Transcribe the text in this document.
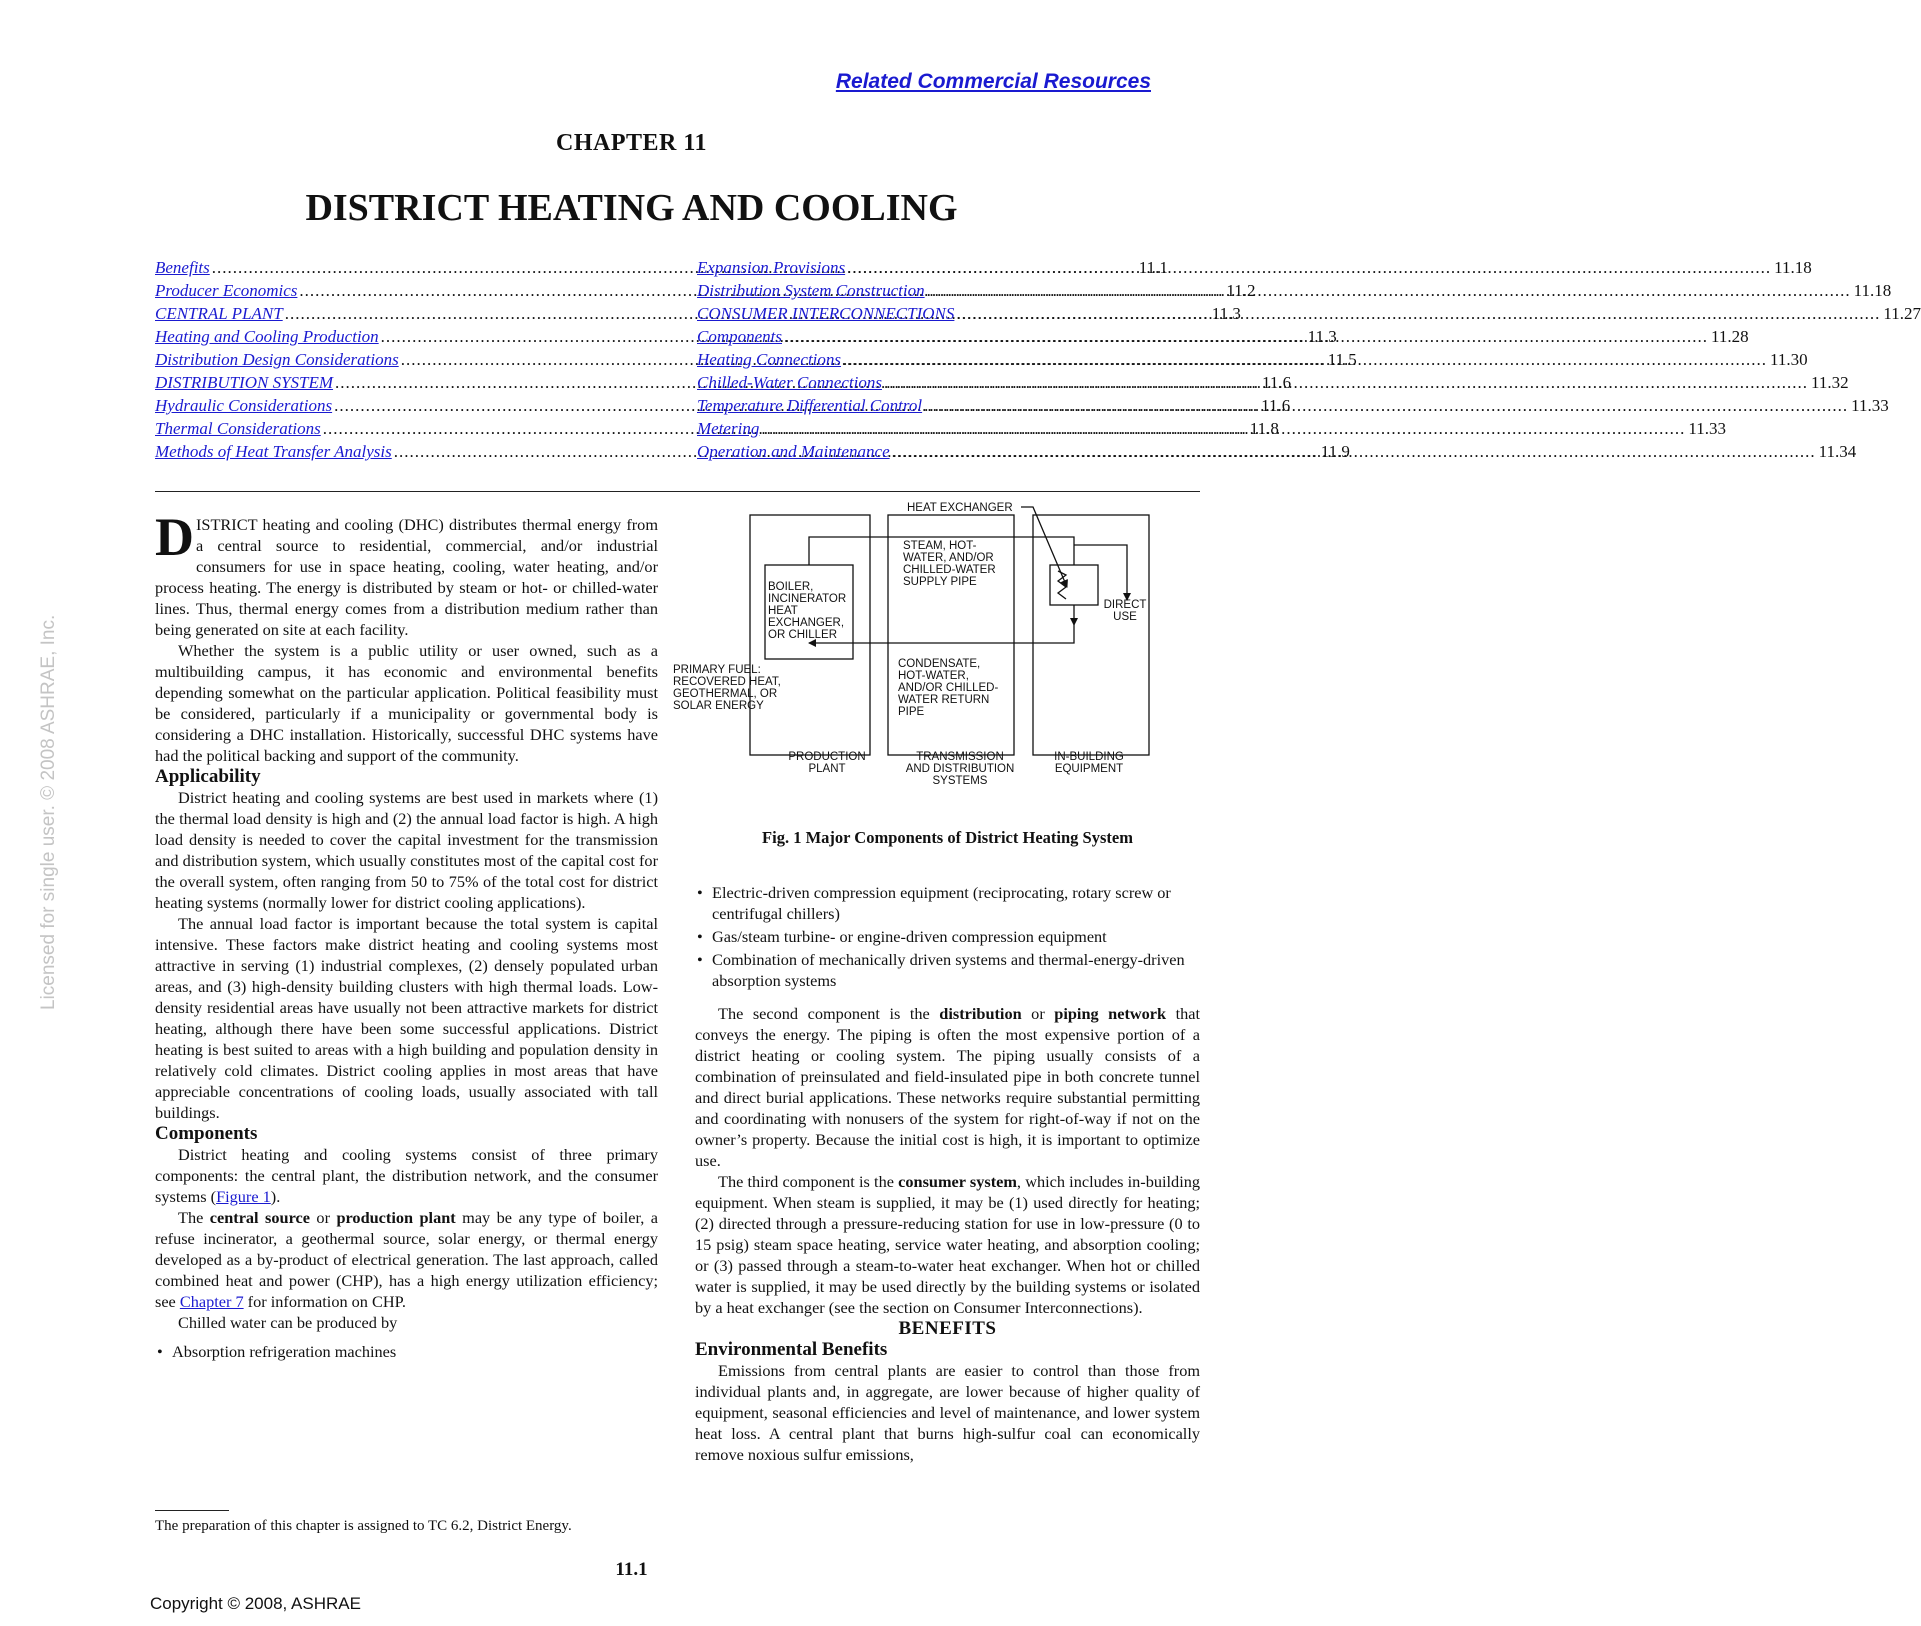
Related Commercial Resources
CHAPTER 11
DISTRICT HEATING AND COOLING
Benefits .....	11.1
Producer Economics .....	11.2
CENTRAL PLANT .....	11.3
Heating and Cooling Production .....	11.3
Distribution Design Considerations .....	11.5
DISTRIBUTION SYSTEM .....	11.6
Hydraulic Considerations .....	11.6
Thermal Considerations .....	11.8
Methods of Heat Transfer Analysis .....	11.9
Expansion Provisions .....	11.18
Distribution System Construction .....	11.18
CONSUMER INTERCONNECTIONS .....	11.27
Components .....	11.28
Heating Connections .....	11.30
Chilled-Water Connections .....	11.32
Temperature Differential Control .....	11.33
Metering .....	11.33
Operation and Maintenance .....	11.34
Licensed for single user. © 2008 ASHRAE, Inc.

DISTRICT heating and cooling (DHC) distributes thermal energy from a central source to residential, commercial, and/or industrial consumers for use in space heating, cooling, water heating, and/or process heating. The energy is distributed by steam or hot- or chilled-water lines. Thus, thermal energy comes from a distribution medium rather than being generated on site at each facility.

Whether the system is a public utility or user owned, such as a multibuilding campus, it has economic and environmental benefits depending somewhat on the particular application. Political feasibility must be considered, particularly if a municipality or governmental body is considering a DHC installation. Historically, successful DHC systems have had the political backing and support of the community.

Applicability

District heating and cooling systems are best used in markets where (1) the thermal load density is high and (2) the annual load factor is high. A high load density is needed to cover the capital investment for the transmission and distribution system, which usually constitutes most of the capital cost for the overall system, often ranging from 50 to 75% of the total cost for district heating systems (normally lower for district cooling applications).

The annual load factor is important because the total system is capital intensive. These factors make district heating and cooling systems most attractive in serving (1) industrial complexes, (2) densely populated urban areas, and (3) high-density building clusters with high thermal loads. Low-density residential areas have usually not been attractive markets for district heating, although there have been some successful applications. District heating is best suited to areas with a high building and population density in relatively cold climates. District cooling applies in most areas that have appreciable concentrations of cooling loads, usually associated with tall buildings.

Components

District heating and cooling systems consist of three primary components: the central plant, the distribution network, and the consumer systems (Figure 1).

The central source or production plant may be any type of boiler, a refuse incinerator, a geothermal source, solar energy, or thermal energy developed as a by-product of electrical generation. The last approach, called combined heat and power (CHP), has a high energy utilization efficiency; see Chapter 7 for information on CHP.

Chilled water can be produced by

• Absorption refrigeration machines

HEAT EXCHANGER
STEAM, HOT-
WATER, AND/OR
CHILLED-WATER
SUPPLY PIPE
BOILER,
INCINERATOR
HEAT
EXCHANGER,
OR CHILLER
DIRECT
USE
PRIMARY FUEL:
RECOVERED HEAT,
GEOTHERMAL, OR
SOLAR ENERGY
CONDENSATE,
HOT-WATER,
AND/OR CHILLED-
WATER RETURN
PIPE
PRODUCTION
PLANT
TRANSMISSION
AND DISTRIBUTION
SYSTEMS
IN-BUILDING
EQUIPMENT
Fig. 1 Major Components of District Heating System

• Electric-driven compression equipment (reciprocating, rotary screw or centrifugal chillers)

• Gas/steam turbine- or engine-driven compression equipment

• Combination of mechanically driven systems and thermal-energy-driven absorption systems

The second component is the distribution or piping network that conveys the energy. The piping is often the most expensive portion of a district heating or cooling system. The piping usually consists of a combination of preinsulated and field-insulated pipe in both concrete tunnel and direct burial applications. These networks require substantial permitting and coordinating with nonusers of the system for right-of-way if not on the owner’s property. Because the initial cost is high, it is important to optimize use.

The third component is the consumer system, which includes in-building equipment. When steam is supplied, it may be (1) used directly for heating; (2) directed through a pressure-reducing station for use in low-pressure (0 to 15 psig) steam space heating, service water heating, and absorption cooling; or (3) passed through a steam-to-water heat exchanger. When hot or chilled water is supplied, it may be used directly by the building systems or isolated by a heat exchanger (see the section on Consumer Interconnections).

BENEFITS

Environmental Benefits

Emissions from central plants are easier to control than those from individual plants and, in aggregate, are lower because of higher quality of equipment, seasonal efficiencies and level of maintenance, and lower system heat loss. A central plant that burns high-sulfur coal can economically remove noxious sulfur emissions,

The preparation of this chapter is assigned to TC 6.2, District Energy.
11.1
Copyright © 2008, ASHRAE
